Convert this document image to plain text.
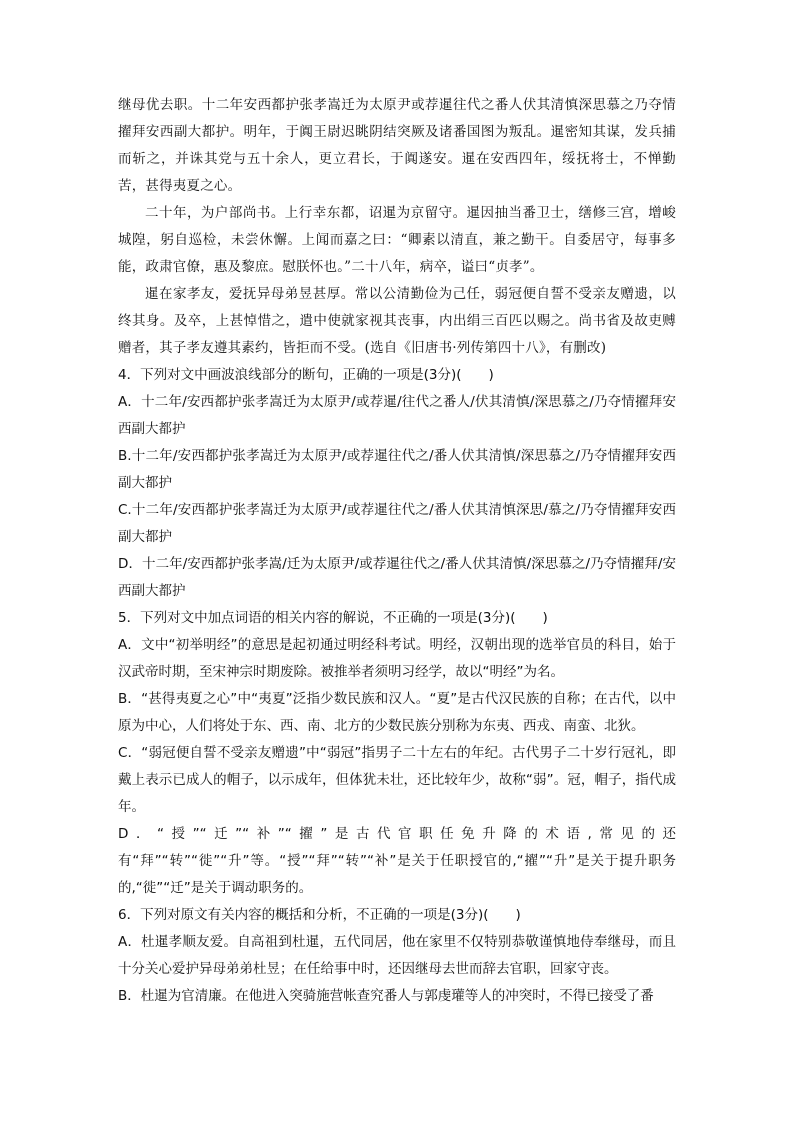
继母优去职。十二年安西都护张孝嵩迁为太原尹或荐暹往代之番人伏其清慎深思慕之乃夺情擢拜安西副大都护。明年，于阗王尉迟眺阴结突厥及诸番国图为叛乱。暹密知其谋，发兵捕而斩之，并诛其党与五十余人，更立君长，于阗遂安。暹在安西四年，绥抚将士，不惮勤苦，甚得夷夏之心。

二十年，为户部尚书。上行幸东都，诏暹为京留守。暹因抽当番卫士，缮修三宫，增峻城隍，躬自巡检，未尝休懈。上闻而嘉之曰：“卿素以清直，兼之勤干。自委居守，每事多能，政肃官僚，惠及黎庶。慰朕怀也。”二十八年，病卒，谥曰“贞孝”。

暹在家孝友，爱抚异母弟昱甚厚。常以公清勤俭为己任，弱冠便自誓不受亲友赠遗，以终其身。及卒，上甚悼惜之，遣中使就家视其丧事，内出绢三百匹以赐之。尚书省及故吏赙赠者，其子孝友遵其素约，皆拒而不受。(选自《旧唐书·列传第四十八》，有删改)

4．下列对文中画波浪线部分的断句，正确的一项是(3分)(　　)
A．十二年/安西都护张孝嵩迁为太原尹/或荐暹/往代之番人/伏其清慎/深思慕之/乃夺情擢拜安西副大都护
B.十二年/安西都护张孝嵩迁为太原尹/或荐暹往代之/番人伏其清慎/深思慕之/乃夺情擢拜安西副大都护
C.十二年/安西都护张孝嵩迁为太原尹/或荐暹往代之/番人伏其清慎深思/慕之/乃夺情擢拜安西副大都护
D．十二年/安西都护张孝嵩/迁为太原尹/或荐暹往代之/番人伏其清慎/深思慕之/乃夺情擢拜/安西副大都护
5．下列对文中加点词语的相关内容的解说，不正确的一项是(3分)(　　)
A．文中“初举明经”的意思是起初通过明经科考试。明经，汉朝出现的选举官员的科目，始于汉武帝时期，至宋神宗时期废除。被推举者须明习经学，故以“明经”为名。
B．“甚得夷夏之心”中“夷夏”泛指少数民族和汉人。“夏”是古代汉民族的自称；在古代，以中原为中心，人们将处于东、西、南、北方的少数民族分别称为东夷、西戎、南蛮、北狄。
C．“弱冠便自誓不受亲友赠遗”中“弱冠”指男子二十左右的年纪。古代男子二十岁行冠礼，即戴上表示已成人的帽子，以示成年，但体犹未壮，还比较年少，故称“弱”。冠，帽子，指代成年。
D．“授”“迁”“补”“擢”是古代官职任免升降的术语,常见的还有“拜”“转”“徙”“升”等。“授”“拜”“转”“补”是关于任职授官的,“擢”“升”是关于提升职务的,“徙”“迁”是关于调动职务的。
6．下列对原文有关内容的概括和分析，不正确的一项是(3分)(　　)
A．杜暹孝顺友爱。自高祖到杜暹，五代同居，他在家里不仅特别恭敬谨慎地侍奉继母，而且十分关心爱护异母弟弟杜昱；在任给事中时，还因继母去世而辞去官职，回家守丧。
B．杜暹为官清廉。在他进入突骑施营帐查究番人与郭虔瓘等人的冲突时，不得已接受了番
